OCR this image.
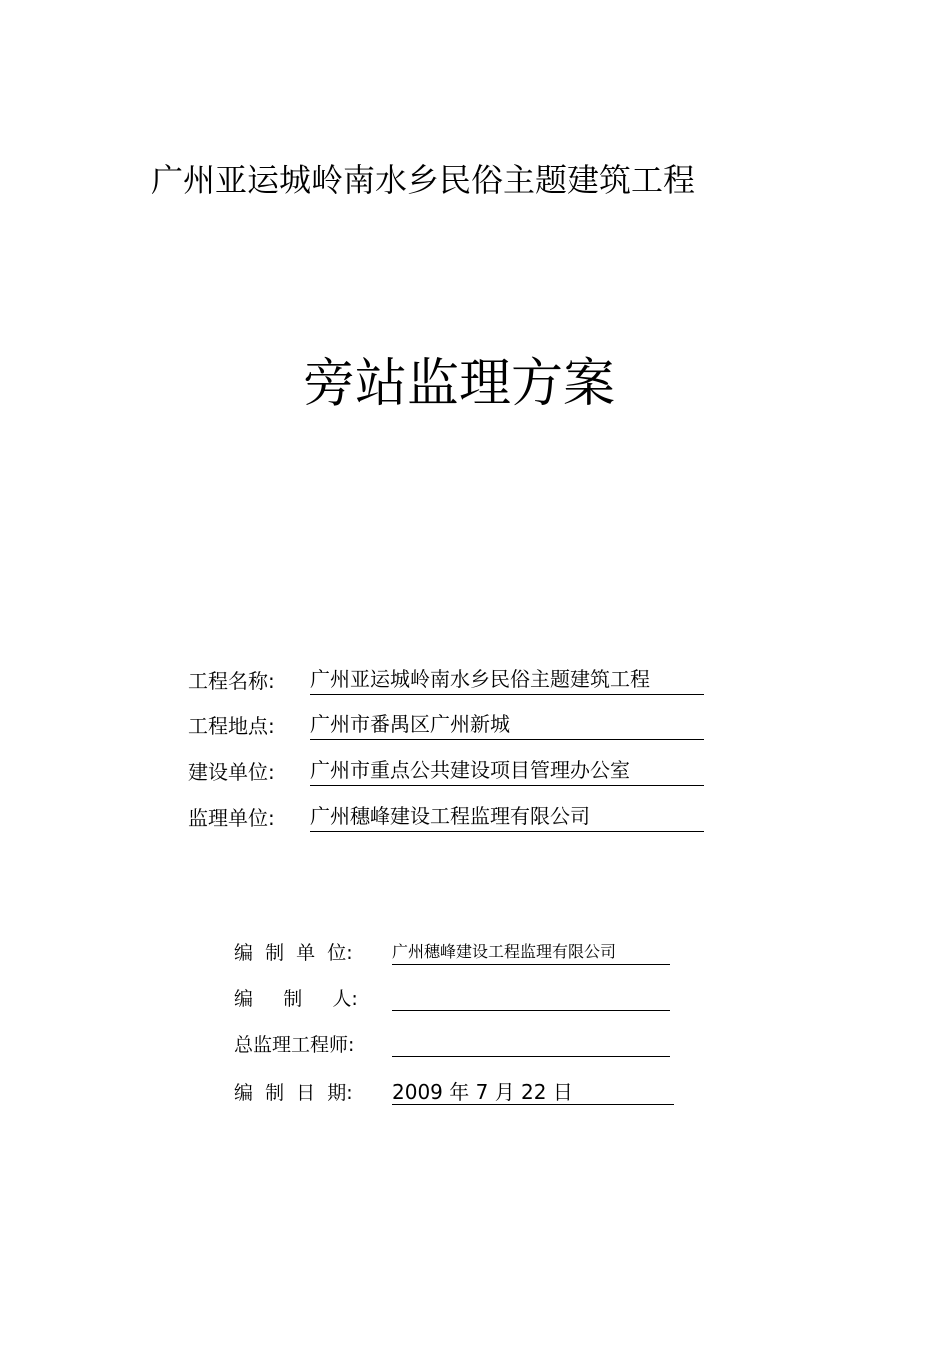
广州亚运城岭南水乡民俗主题建筑工程
旁站监理方案
工程名称: 广州亚运城岭南水乡民俗主题建筑工程
工程地点: 广州市番禺区广州新城
建设单位: 广州市重点公共建设项目管理办公室
监理单位: 广州穗峰建设工程监理有限公司
编  制  单  位: 广州穗峰建设工程监理有限公司
编     制     人:
总监理工程师:
编  制  日  期: 2009 年 7 月 22 日
